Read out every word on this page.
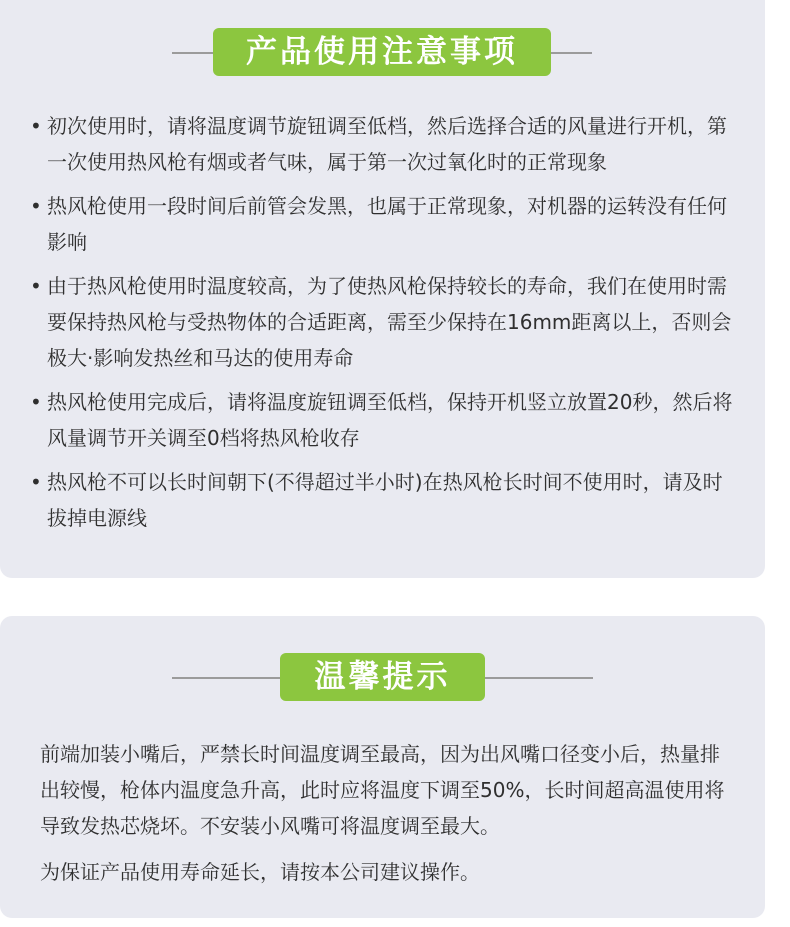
产品使用注意事项
• 初次使用时，请将温度调节旋钮调至低档，然后选择合适的风量进行开机，第一次使用热风枪有烟或者气味，属于第一次过氧化时的正常现象
• 热风枪使用一段时间后前管会发黑，也属于正常现象，对机器的运转没有任何影响
• 由于热风枪使用时温度较高，为了使热风枪保持较长的寿命，我们在使用时需要保持热风枪与受热物体的合适距离，需至少保持在16mm距离以上，否则会极大·影响发热丝和马达的使用寿命
• 热风枪使用完成后，请将温度旋钮调至低档，保持开机竖立放置20秒，然后将风量调节开关调至0档将热风枪收存
• 热风枪不可以长时间朝下(不得超过半小时)在热风枪长时间不使用时，请及时拔掉电源线
温馨提示

前端加装小嘴后，严禁长时间温度调至最高，因为出风嘴口径变小后，热量排出较慢，枪体内温度急升高，此时应将温度下调至50%，长时间超高温使用将导致发热芯烧坏。不安装小风嘴可将温度调至最大。

为保证产品使用寿命延长，请按本公司建议操作。
